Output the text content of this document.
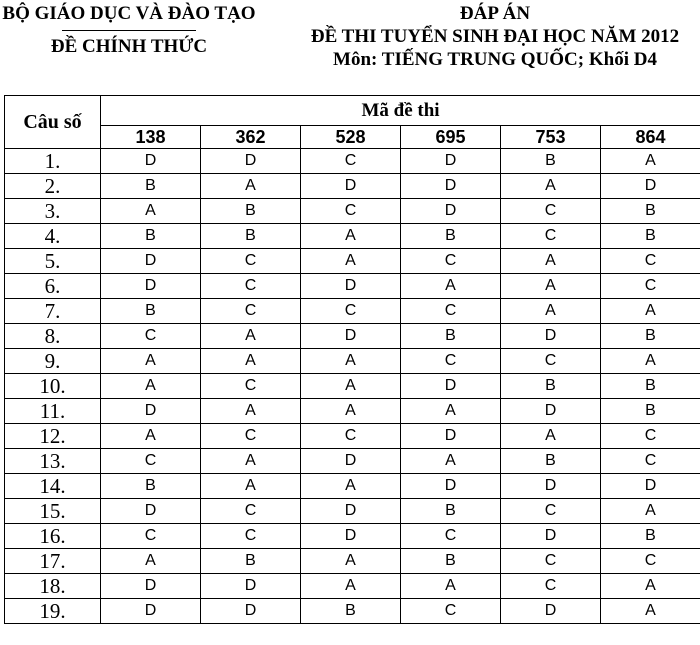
BỘ GIÁO DỤC VÀ ĐÀO TẠO
ĐỀ CHÍNH THỨC
ĐÁP ÁN
ĐỀ THI TUYỂN SINH ĐẠI HỌC NĂM 2012
Môn: TIẾNG TRUNG QUỐC; Khối D4
Câu số	Mã đề thi					
	138	362	528	695	753	864
1.	D	D	C	D	B	A
2.	B	A	D	D	A	D
3.	A	B	C	D	C	B
4.	B	B	A	B	C	B
5.	D	C	A	C	A	C
6.	D	C	D	A	A	C
7.	B	C	C	C	A	A
8.	C	A	D	B	D	B
9.	A	A	A	C	C	A
10.	A	C	A	D	B	B
11.	D	A	A	A	D	B
12.	A	C	C	D	A	C
13.	C	A	D	A	B	C
14.	B	A	A	D	D	D
15.	D	C	D	B	C	A
16.	C	C	D	C	D	B
17.	A	B	A	B	C	C
18.	D	D	A	A	C	A
19.	D	D	B	C	D	A
